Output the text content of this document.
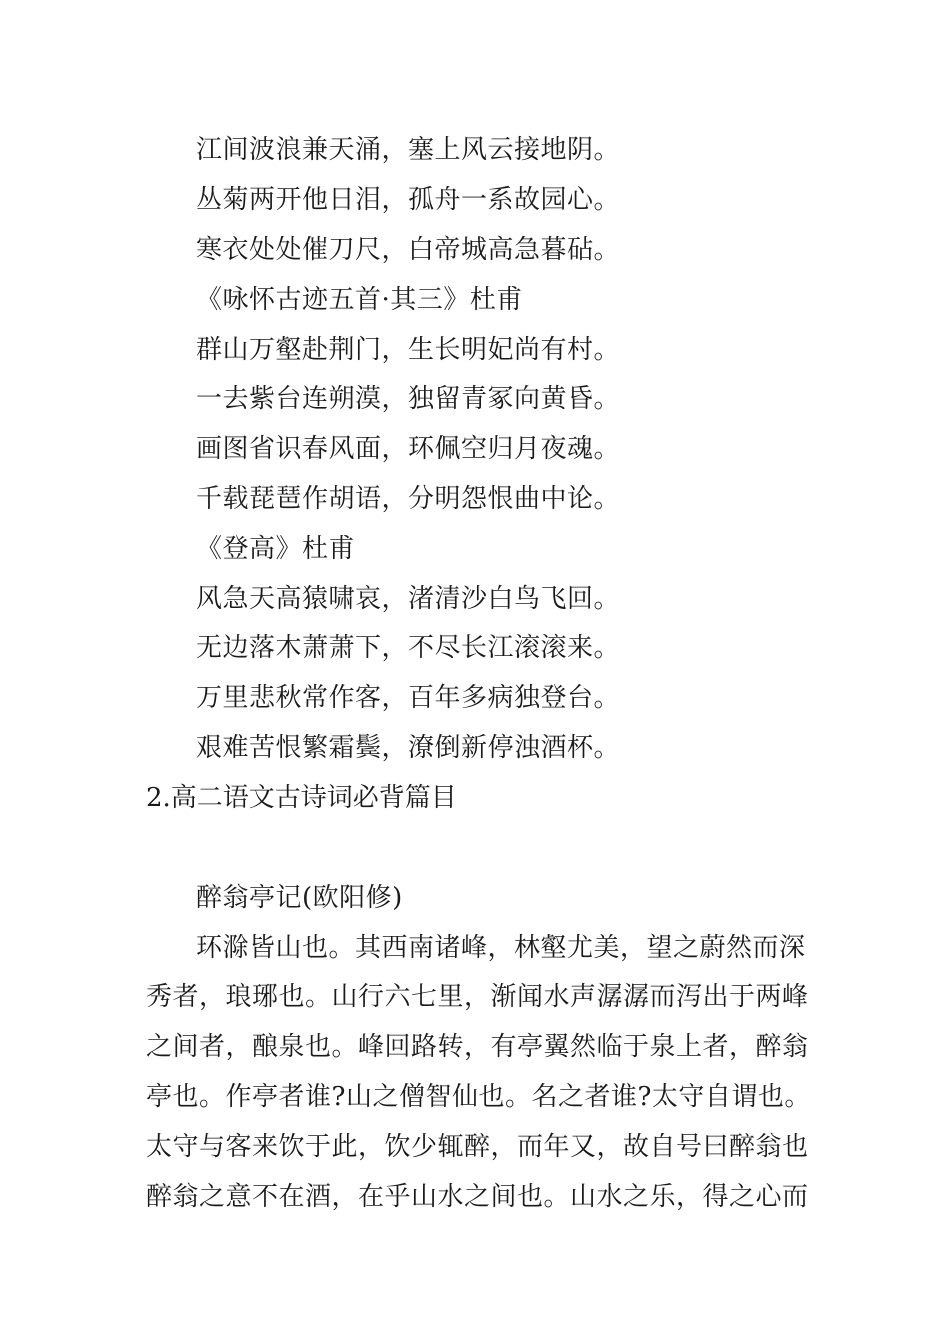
江间波浪兼天涌，塞上风云接地阴。
丛菊两开他日泪，孤舟一系故园心。
寒衣处处催刀尺，白帝城高急暮砧。
《咏怀古迹五首·其三》杜甫
群山万壑赴荆门，生长明妃尚有村。
一去紫台连朔漠，独留青冢向黄昏。
画图省识春风面，环佩空归月夜魂。
千载琵琶作胡语，分明怨恨曲中论。
《登高》杜甫
风急天高猿啸哀，渚清沙白鸟飞回。
无边落木萧萧下，不尽长江滚滚来。
万里悲秋常作客，百年多病独登台。
艰难苦恨繁霜鬓，潦倒新停浊酒杯。
2.高二语文古诗词必背篇目
醉翁亭记(欧阳修)
环滁皆山也。其西南诸峰，林壑尤美，望之蔚然而深
秀者，琅琊也。山行六七里，渐闻水声潺潺而泻出于两峰
之间者，酿泉也。峰回路转，有亭翼然临于泉上者，醉翁
亭也。作亭者谁?山之僧智仙也。名之者谁?太守自谓也。
太守与客来饮于此，饮少辄醉，而年又，故自号曰醉翁也
醉翁之意不在酒，在乎山水之间也。山水之乐，得之心而
